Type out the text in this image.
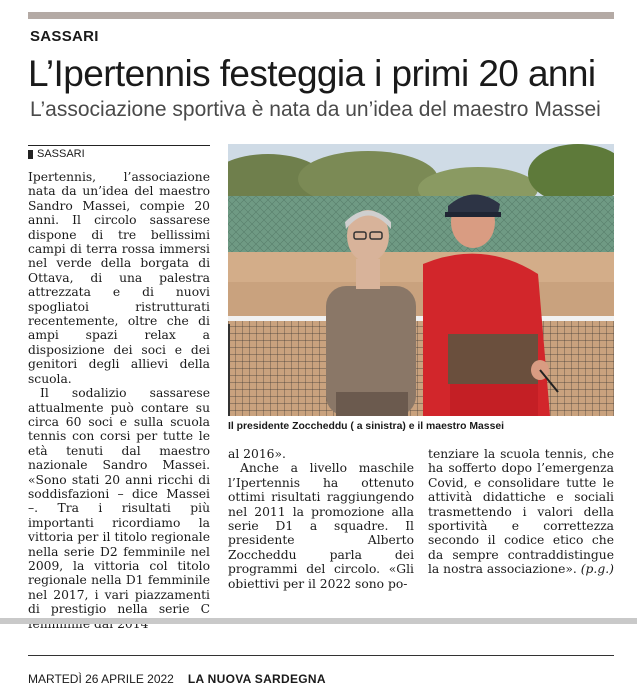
SASSARI
L’Ipertennis festeggia i primi 20 anni
L’associazione sportiva è nata da un’idea del maestro Massei
SASSARI

Ipertennis, l’associazione nata da un’idea del maestro Sandro Massei, compie 20 anni. Il circolo sassarese dispone di tre bellissimi campi di terra rossa immersi nel verde della borgata di Ottava, di una palestra attrezzata e di nuovi spogliatoi ristrutturati recentemente, oltre che di ampi spazi relax a disposizione dei soci e dei genitori degli allievi della scuola.

Il sodalizio sassarese attualmente può contare su circa 60 soci e sulla scuola tennis con corsi per tutte le età tenuti dal maestro nazionale Sandro Massei. «Sono stati 20 anni ricchi di soddisfazioni – dice Massei –. Tra i risultati più importanti ricordiamo la vittoria per il titolo regionale nella serie D2 femminile nel 2009, la vittoria col titolo regionale nella D1 femminile nel 2017, i vari piazzamenti di prestigio nella serie C

Il presidente Zoccheddu ( a sinistra) e il maestro Massei

al 2016».

Anche a livello maschile l’Ipertennis ha ottenuto ottimi risultati raggiungendo nel 2011 la promozione alla serie D1 a squadre. Il presidente Alberto Zoccheddu parla dei programmi del circolo. «Gli obiettivi per il 2022 sono po-

tenziare la scuola tennis, che ha sofferto dopo l’emergenza Covid, e consolidare tutte le attività didattiche e sociali trasmettendo i valori della sportività e correttezza secondo il codice etico che da sempre contraddistingue la nostra associazione». (p.g.)

MARTEDÌ 26 APRILE 2022 LA NUOVA SARDEGNA
